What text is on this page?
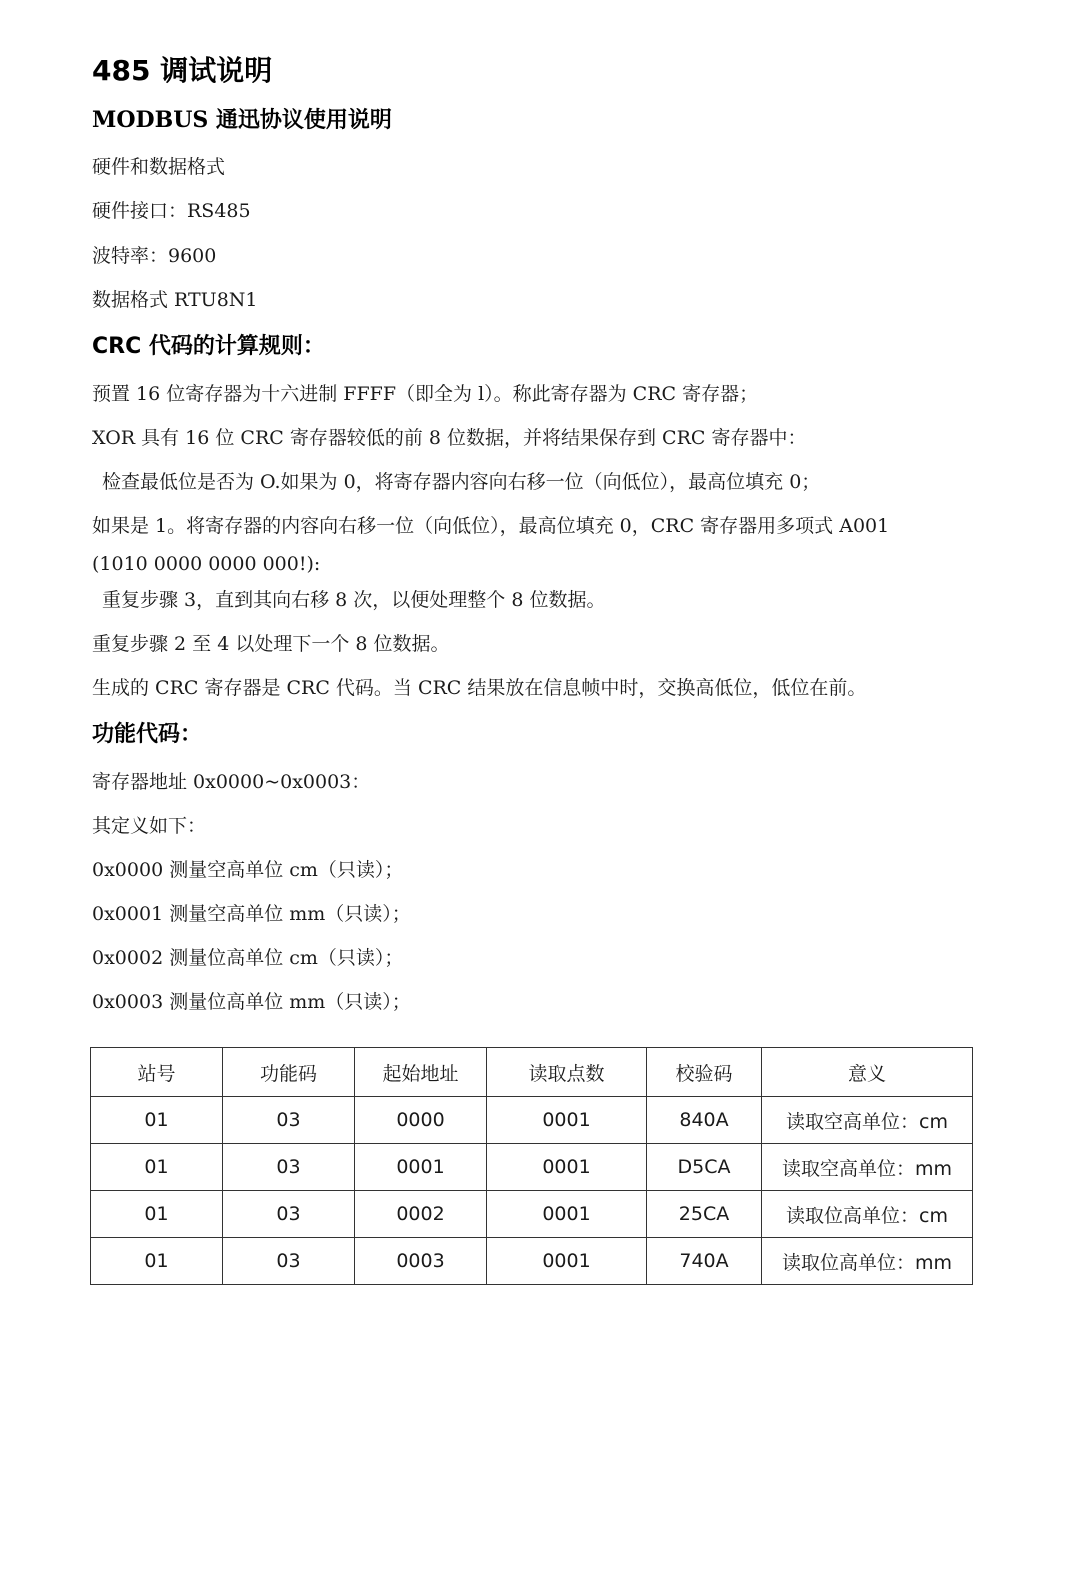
485 调试说明
MODBUS 通迅协议使用说明
硬件和数据格式
硬件接口：RS485
波特率：9600
数据格式 RTU8N1
CRC 代码的计算规则：
预置 16 位寄存器为十六进制 FFFF（即全为 l）。称此寄存器为 CRC 寄存器；
XOR 具有 16 位 CRC 寄存器较低的前 8 位数据，并将结果保存到 CRC 寄存器中：
检查最低位是否为 O.如果为 0，将寄存器内容向右移一位（向低位），最高位填充 0；
如果是 1。将寄存器的内容向右移一位（向低位），最高位填充 0，CRC 寄存器用多项式 A001
(1010 0000 0000 000!):
重复步骤 3，直到其向右移 8 次，以便处理整个 8 位数据。
重复步骤 2 至 4 以处理下一个 8 位数据。
生成的 CRC 寄存器是 CRC 代码。当 CRC 结果放在信息帧中时，交换高低位，低位在前。
功能代码：
寄存器地址 0x0000~0x0003：
其定义如下：
0x0000 测量空高单位 cm（只读）；
0x0001 测量空高单位 mm（只读）；
0x0002 测量位高单位 cm（只读）；
0x0003 测量位高单位 mm（只读）；
站号	功能码	起始地址	读取点数	校验码	意义
01	03	0000	0001	840A	读取空高单位：cm
01	03	0001	0001	D5CA	读取空高单位：mm
01	03	0002	0001	25CA	读取位高单位：cm
01	03	0003	0001	740A	读取位高单位：mm
